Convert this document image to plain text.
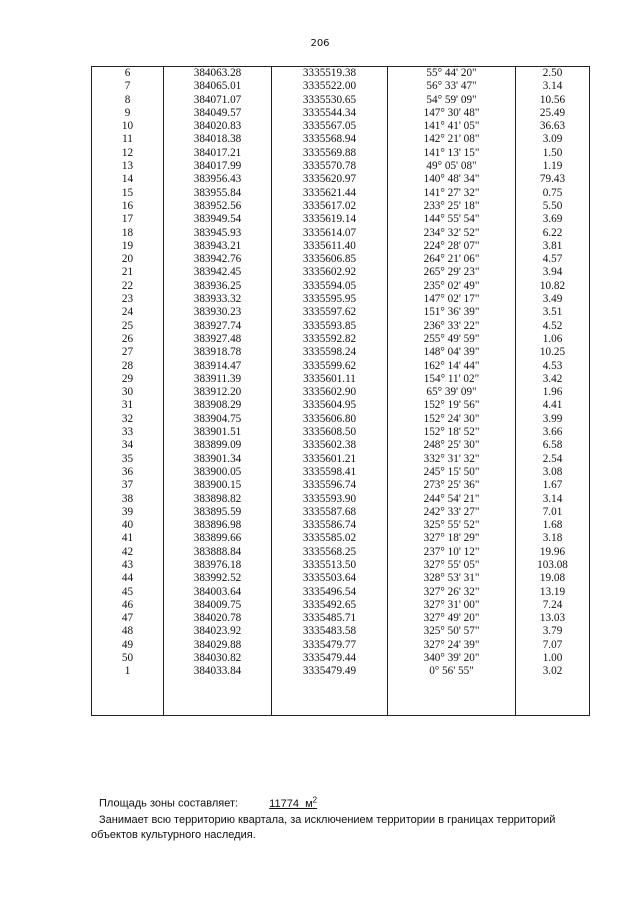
206
6	384063.28	3335519.38	55° 44' 20"	2.50
7	384065.01	3335522.00	56° 33' 47"	3.14
8	384071.07	3335530.65	54° 59' 09"	10.56
9	384049.57	3335544.34	147° 30' 48"	25.49
10	384020.83	3335567.05	141° 41' 05"	36.63
11	384018.38	3335568.94	142° 21' 08"	3.09
12	384017.21	3335569.88	141° 13' 15"	1.50
13	384017.99	3335570.78	49° 05' 08"	1.19
14	383956.43	3335620.97	140° 48' 34"	79.43
15	383955.84	3335621.44	141° 27' 32"	0.75
16	383952.56	3335617.02	233° 25' 18"	5.50
17	383949.54	3335619.14	144° 55' 54"	3.69
18	383945.93	3335614.07	234° 32' 52"	6.22
19	383943.21	3335611.40	224° 28' 07"	3.81
20	383942.76	3335606.85	264° 21' 06"	4.57
21	383942.45	3335602.92	265° 29' 23"	3.94
22	383936.25	3335594.05	235° 02' 49"	10.82
23	383933.32	3335595.95	147° 02' 17"	3.49
24	383930.23	3335597.62	151° 36' 39"	3.51
25	383927.74	3335593.85	236° 33' 22"	4.52
26	383927.48	3335592.82	255° 49' 59"	1.06
27	383918.78	3335598.24	148° 04' 39"	10.25
28	383914.47	3335599.62	162° 14' 44"	4.53
29	383911.39	3335601.11	154° 11' 02"	3.42
30	383912.20	3335602.90	65° 39' 09"	1.96
31	383908.29	3335604.95	152° 19' 56"	4.41
32	383904.75	3335606.80	152° 24' 30"	3.99
33	383901.51	3335608.50	152° 18' 52"	3.66
34	383899.09	3335602.38	248° 25' 30"	6.58
35	383901.34	3335601.21	332° 31' 32"	2.54
36	383900.05	3335598.41	245° 15' 50"	3.08
37	383900.15	3335596.74	273° 25' 36"	1.67
38	383898.82	3335593.90	244° 54' 21"	3.14
39	383895.59	3335587.68	242° 33' 27"	7.01
40	383896.98	3335586.74	325° 55' 52"	1.68
41	383899.66	3335585.02	327° 18' 29"	3.18
42	383888.84	3335568.25	237° 10' 12"	19.96
43	383976.18	3335513.50	327° 55' 05"	103.08
44	383992.52	3335503.64	328° 53' 31"	19.08
45	384003.64	3335496.54	327° 26' 32"	13.19
46	384009.75	3335492.65	327° 31' 00"	7.24
47	384020.78	3335485.71	327° 49' 20"	13.03
48	384023.92	3335483.58	325° 50' 57"	3.79
49	384029.88	3335479.77	327° 24' 39"	7.07
50	384030.82	3335479.44	340° 39' 20"	1.00
1	384033.84	3335479.49	0° 56' 55"	3.02

Площадь зоны составляет:	11774 $м^2$
Занимает всю территорию квартала, за исключением территории в границах территорий объектов культурного наследия.
